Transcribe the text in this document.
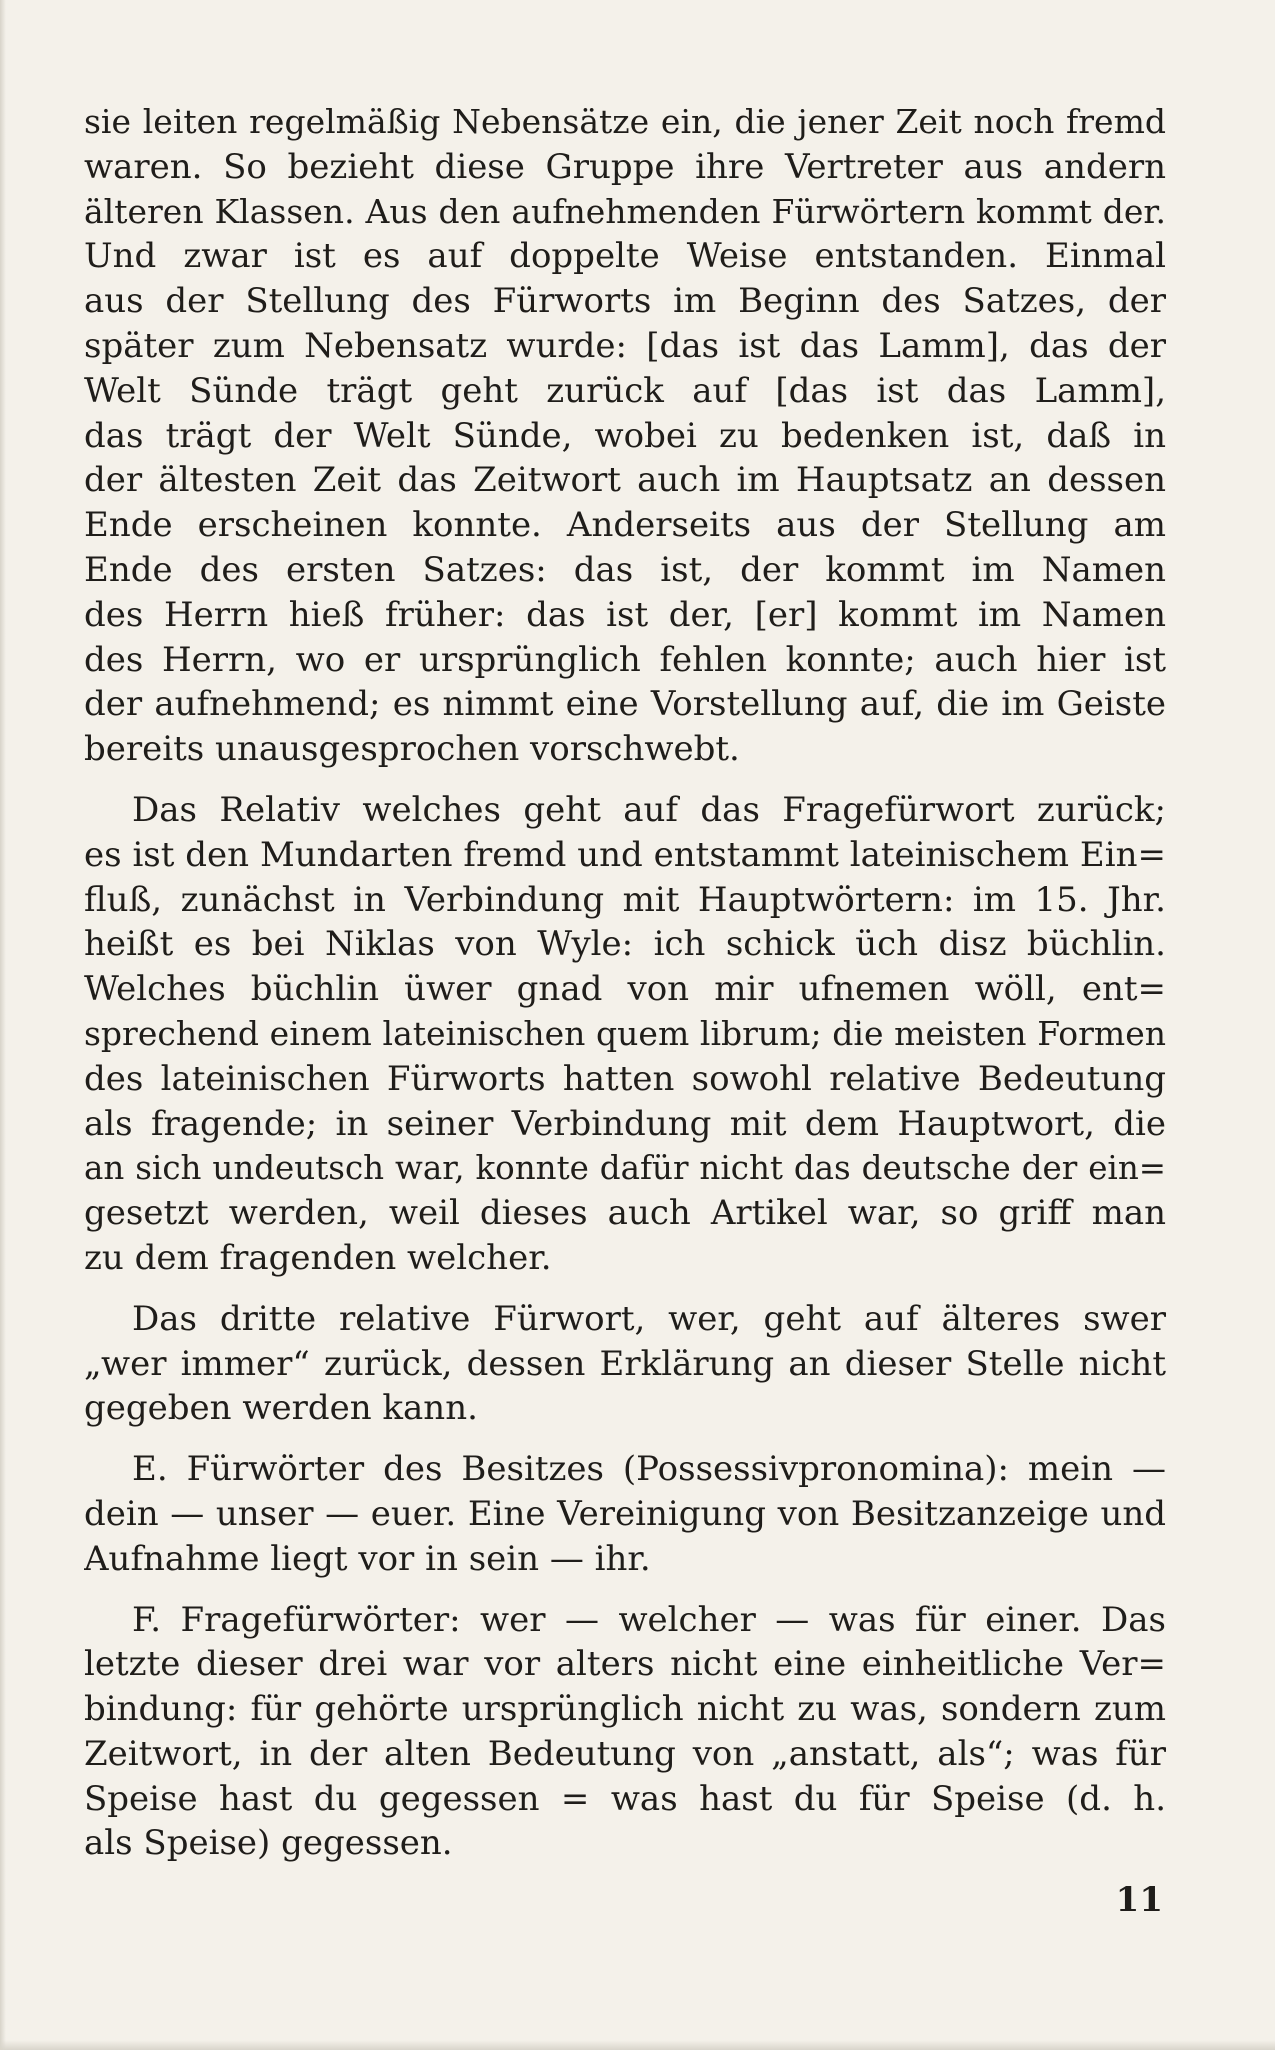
sie leiten regelmäßig Nebensätze ein, die jener Zeit noch fremd
waren. So bezieht diese Gruppe ihre Vertreter aus andern
älteren Klassen. Aus den aufnehmenden Fürwörtern kommt der.
Und zwar ist es auf doppelte Weise entstanden. Einmal
aus der Stellung des Fürworts im Beginn des Satzes, der
später zum Nebensatz wurde: [das ist das Lamm], das der
Welt Sünde trägt geht zurück auf [das ist das Lamm],
das trägt der Welt Sünde, wobei zu bedenken ist, daß in
der ältesten Zeit das Zeitwort auch im Hauptsatz an dessen
Ende erscheinen konnte. Anderseits aus der Stellung am
Ende des ersten Satzes: das ist, der kommt im Namen
des Herrn hieß früher: das ist der, [er] kommt im Namen
des Herrn, wo er ursprünglich fehlen konnte; auch hier ist
der aufnehmend; es nimmt eine Vorstellung auf, die im Geiste
bereits unausgesprochen vorschwebt.
Das Relativ welches geht auf das Fragefürwort zurück;
es ist den Mundarten fremd und entstammt lateinischem Ein=
fluß, zunächst in Verbindung mit Hauptwörtern: im 15. Jhr.
heißt es bei Niklas von Wyle: ich schick üch disz büchlin.
Welches büchlin üwer gnad von mir ufnemen wöll, ent=
sprechend einem lateinischen quem librum; die meisten Formen
des lateinischen Fürworts hatten sowohl relative Bedeutung
als fragende; in seiner Verbindung mit dem Hauptwort, die
an sich undeutsch war, konnte dafür nicht das deutsche der ein=
gesetzt werden, weil dieses auch Artikel war, so griff man
zu dem fragenden welcher.
Das dritte relative Fürwort, wer, geht auf älteres swer
„wer immer“ zurück, dessen Erklärung an dieser Stelle nicht
gegeben werden kann.
E. Fürwörter des Besitzes (Possessivpronomina): mein —
dein — unser — euer. Eine Vereinigung von Besitzanzeige und
Aufnahme liegt vor in sein — ihr.
F. Fragefürwörter: wer — welcher — was für einer. Das
letzte dieser drei war vor alters nicht eine einheitliche Ver=
bindung: für gehörte ursprünglich nicht zu was, sondern zum
Zeitwort, in der alten Bedeutung von „anstatt, als“; was für
Speise hast du gegessen = was hast du für Speise (d. h.
als Speise) gegessen.
11
